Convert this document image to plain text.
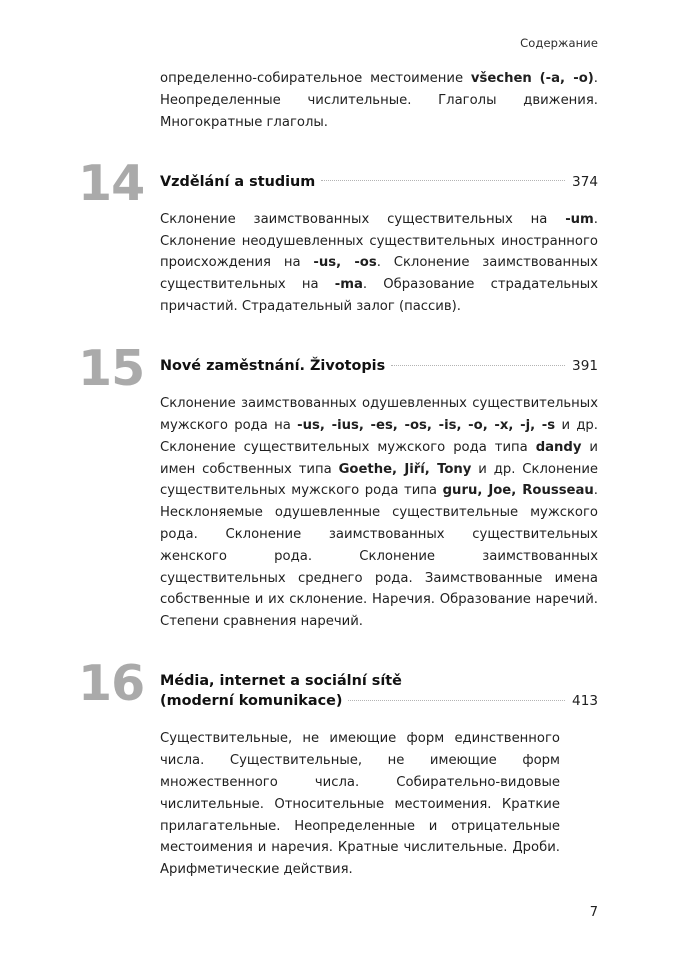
Содержание
определенно-собирательное местоимение všechen (-a, -o). Неопределенные числительные. Глаголы движения. Многократные глаголы.
14	Vzdělání a studium	374
Склонение заимствованных существительных на -um. Склонение неодушевленных существительных иностранного происхождения на -us, -os. Склонение заимствованных существительных на -ma. Образование страдательных причастий. Страдательный залог (пассив).
15	Nové zaměstnání. Životopis	391
Склонение заимствованных одушевленных существительных мужского рода на -us, -ius, -es, -os, -is, -o, -x, -j, -s и др. Склонение существительных мужского рода типа dandy и имен собственных типа Goethe, Jiří, Tony и др. Склонение существительных мужского рода типа guru, Joe, Rousseau. Несклоняемые одушевленные существительные мужского рода. Склонение заимствованных существительных женского рода. Склонение заимствованных существительных среднего рода. Заимствованные имена собственные и их склонение. Наречия. Образование наречий. Степени сравнения наречий.
16	Média, internet a sociální sítě
(moderní komunikace)	413
Существительные, не имеющие форм единственного числа. Существительные, не имеющие форм множественного числа. Собирательно-видовые числительные. Относительные местоимения. Краткие прилагательные. Неопределенные и отрицательные местоимения и наречия. Кратные числительные. Дроби. Арифметические действия.
7
